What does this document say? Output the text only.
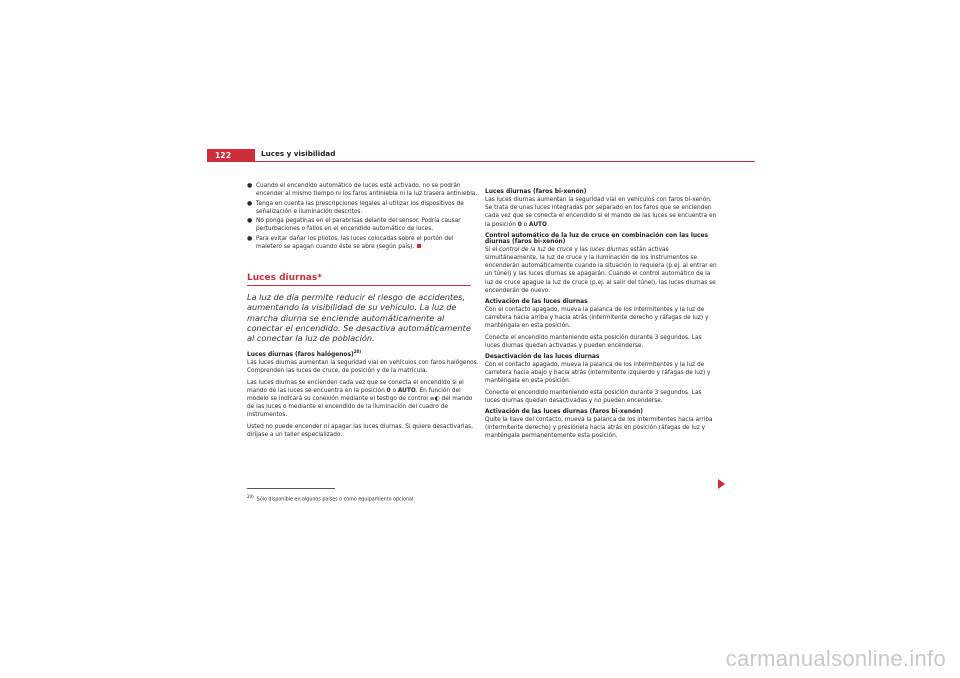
122	Luces y visibilidad
● Cuando el encendido automático de luces esté activado, no se podrán encender al mismo tiempo ni los faros antiniebla ni la luz trasera antiniebla.
● Tenga en cuenta las prescripciones legales al utilizar los dispositivos de señalización e iluminación descritos.
● No ponga pegatinas en el parabrisas delante del sensor. Podría causar perturbaciones o fallos en el encendido automático de luces.
● Para evitar dañar los pilotos, las luces colocadas sobre el portón del maletero se apagan cuando éste se abre (según país).
Luces diurnas*
La luz de día permite reducir el riesgo de accidentes, aumentando la visibilidad de su vehículo. La luz de marcha diurna se enciende automáticamente al conectar el encendido. Se desactiva automáticamente al conectar la luz de población.
Luces diurnas (faros halógenos)$^{20)}$

Las luces diurnas aumentan la seguridad vial en vehículos con faros halógenos. Comprenden las luces de cruce, de posición y de la matrícula.

Las luces diurnas se encienden cada vez que se conecta el encendido si el mando de las luces se encuentra en la posición 0 o AUTO. En función del modelo se indicará su conexión mediante el testigo de control ≡◐ del mando de las luces o mediante el encendido de la iluminación del cuadro de instrumentos.

Usted no puede encender ni apagar las luces diurnas. Si quiere desactivarlas, diríjase a un taller especializado.

$^{20)}$Sólo disponible en algunos países o como equipamiento opcional
Luces diurnas (faros bi-xenón)

Las luces diurnas aumentan la seguridad vial en vehículos con faros bi-xenón. Se trata de unas luces integradas por separado en los faros que se encienden cada vez que se conecta el encendido si el mando de las luces se encuentra en la posición 0 o AUTO.

Control automático de la luz de cruce en combinación con las luces diurnas (faros bi-xenón)

Si el control de la luz de cruce y las luces diurnas están activas simultáneamente, la luz de cruce y la iluminación de los instrumentos se encenderán automáticamente cuando la situación lo requiera (p.ej. al entrar en un túnel) y las luces diurnas se apagarán. Cuando el control automático de la luz de cruce apague la luz de cruce (p.ej. al salir del túnel), las luces diurnas se encenderán de nuevo.

Activación de las luces diurnas

Con el contacto apagado, mueva la palanca de los intermitentes y la luz de carretera hacia arriba y hacia atrás (intermitente derecho y ráfagas de luz) y manténgala en esta posición.

Conecte el encendido manteniendo esta posición durante 3 segundos. Las luces diurnas quedan activadas y pueden encenderse.

Desactivación de las luces diurnas

Con el contacto apagado, mueva la palanca de los intermitentes y la luz de carretera hacia abajo y hacia atrás (intermitente izquierdo y ráfagas de luz) y manténgala en esta posición.

Conecte el encendido manteniendo esta posición durante 3 segundos. Las luces diurnas quedan desactivadas y no pueden encenderse.

Activación de las luces diurnas (faros bi-xenón)

Quite la llave del contacto, mueva la palanca de los intermitentes hacia arriba (intermitente derecho) y presiónela hacia atrás en posición ráfagas de luz y manténgala permanentemente esta posición.

carmanualsonline.info
